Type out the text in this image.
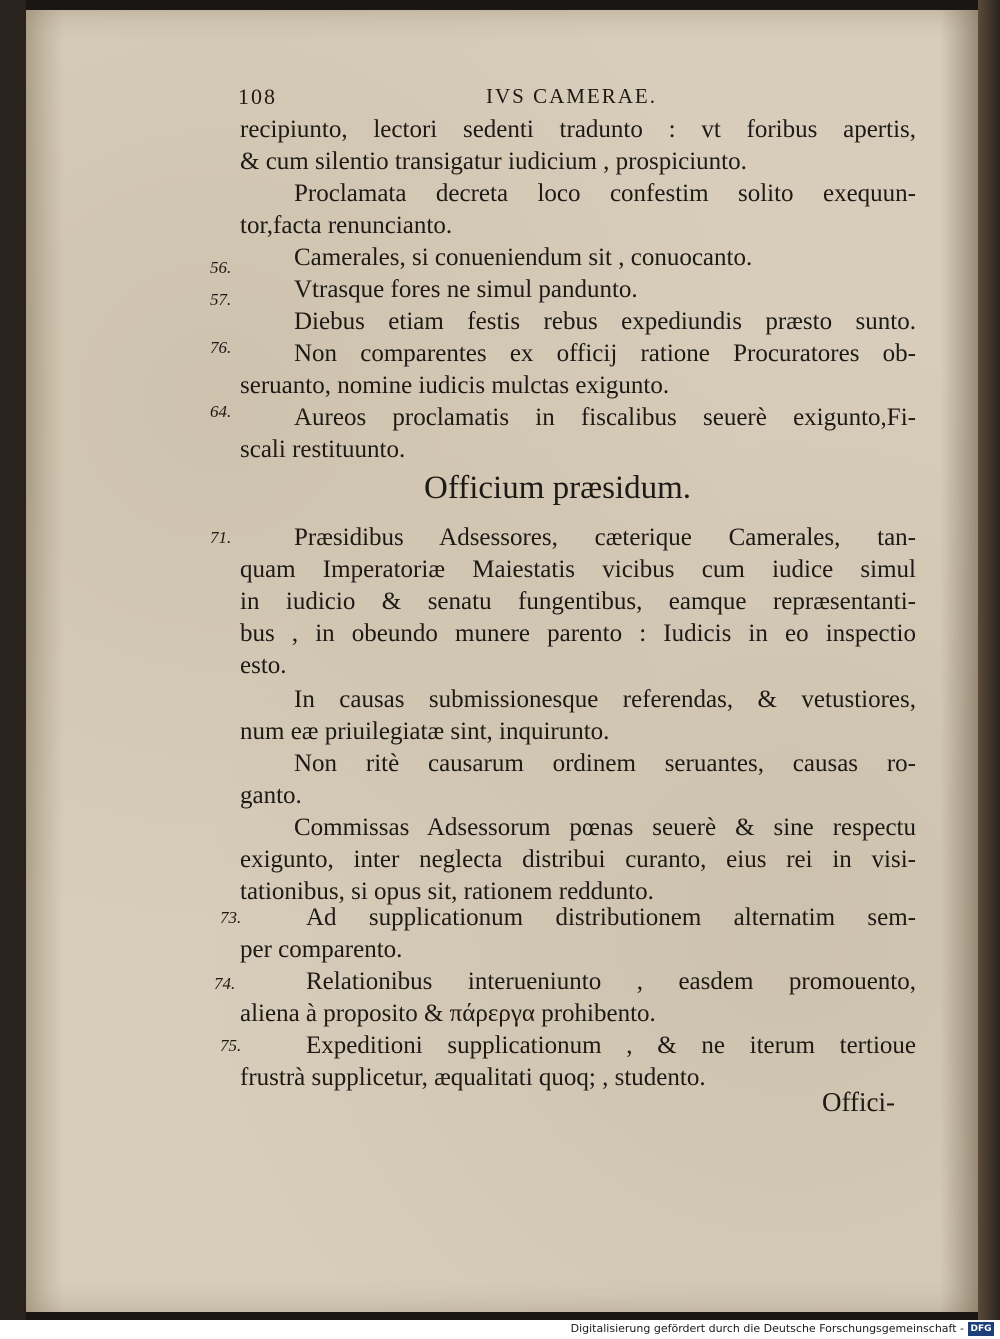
108	IVS CAMERAE.
recipiunto, lectori sedenti tradunto : vt foribus apertis,
& cum silentio transigatur iudicium , prospiciunto.
Proclamata decreta loco confestim solito exequun-
tor,facta renuncianto.
56.	Camerales, si conueniendum sit , conuocanto.
57.	Vtrasque fores ne simul pandunto.
Diebus etiam festis rebus expediundis præsto sunto.
76.	Non comparentes ex officij ratione Procuratores ob-
seruanto, nomine iudicis mulctas exigunto.
64.	Aureos proclamatis in fiscalibus seuerè exigunto,Fi-
scali restituunto.
Officium præsidum.
71.	Præsidibus Adsessores, cæterique Camerales, tan-
quam Imperatoriæ Maiestatis vicibus cum iudice simul
in iudicio & senatu fungentibus, eamque repræsentanti-
bus , in obeundo munere parento : Iudicis in eo inspectio
esto.
In causas submissionesque referendas, & vetustiores,
num eæ priuilegiatæ sint, inquirunto.
Non ritè causarum ordinem seruantes, causas ro-
ganto.
Commissas Adsessorum pœnas seuerè & sine respectu
exigunto, inter neglecta distribui curanto, eius rei in visi-
tationibus, si opus sit, rationem reddunto.
73.	Ad supplicationum distributionem alternatim sem-
per comparento.
74.	Relationibus interueniunto , easdem promouento,
aliena à proposito & πάρεργα prohibento.
75.	Expeditioni supplicationum , & ne iterum tertioue
frustrà supplicetur, æqualitati quoq; , studento.
Offici-
Digitalisierung gefördert durch die Deutsche Forschungsgemeinschaft - DFG
